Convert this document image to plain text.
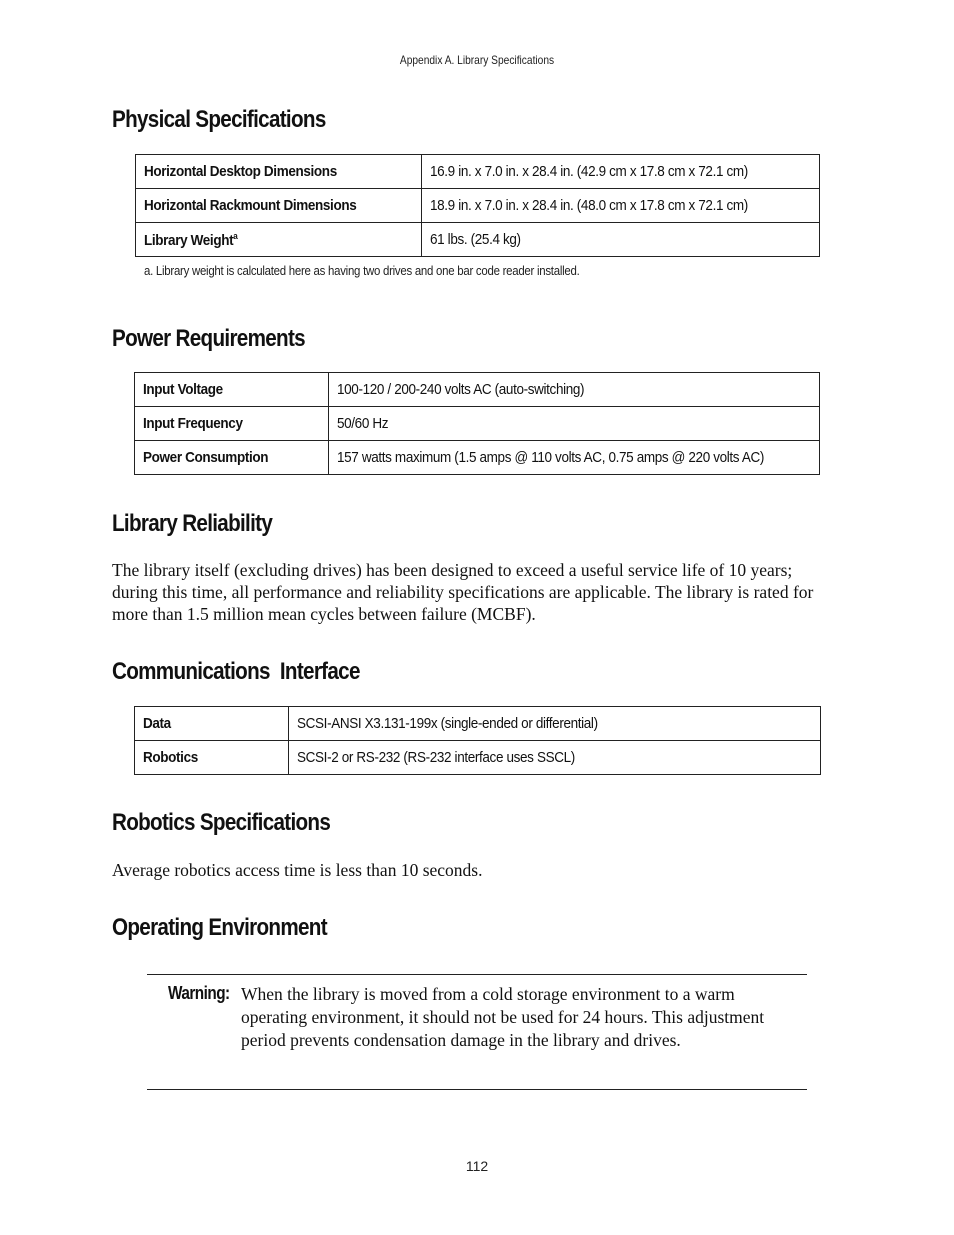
Appendix A. Library Specifications
Physical Specifications
Horizontal Desktop Dimensions	16.9 in. x 7.0 in. x 28.4 in. (42.9 cm x 17.8 cm x 72.1 cm)
Horizontal Rackmount Dimensions	18.9 in. x 7.0 in. x 28.4 in. (48.0 cm x 17.8 cm x 72.1 cm)
Library Weight$^a$	61 lbs. (25.4 kg)
a. Library weight is calculated here as having two drives and one bar code reader installed.
Power Requirements
Input Voltage	100-120 / 200-240 volts AC (auto-switching)
Input Frequency	50/60 Hz
Power Consumption	157 watts maximum (1.5 amps @ 110 volts AC, 0.75 amps @ 220 volts AC)
Library Reliability

The library itself (excluding drives) has been designed to exceed a useful service life of 10 years; during this time, all performance and reliability specifications are applicable. The library is rated for more than 1.5 million mean cycles between failure (MCBF).

Communications  Interface
Data	SCSI-ANSI X3.131-199x (single-ended or differential)
Robotics	SCSI-2 or RS-232 (RS-232 interface uses SSCL)
Robotics Specifications

Average robotics access time is less than 10 seconds.

Operating Environment
Warning: When the library is moved from a cold storage environment to a warm operating environment, it should not be used for 24 hours. This adjustment period prevents condensation damage in the library and drives.

112
